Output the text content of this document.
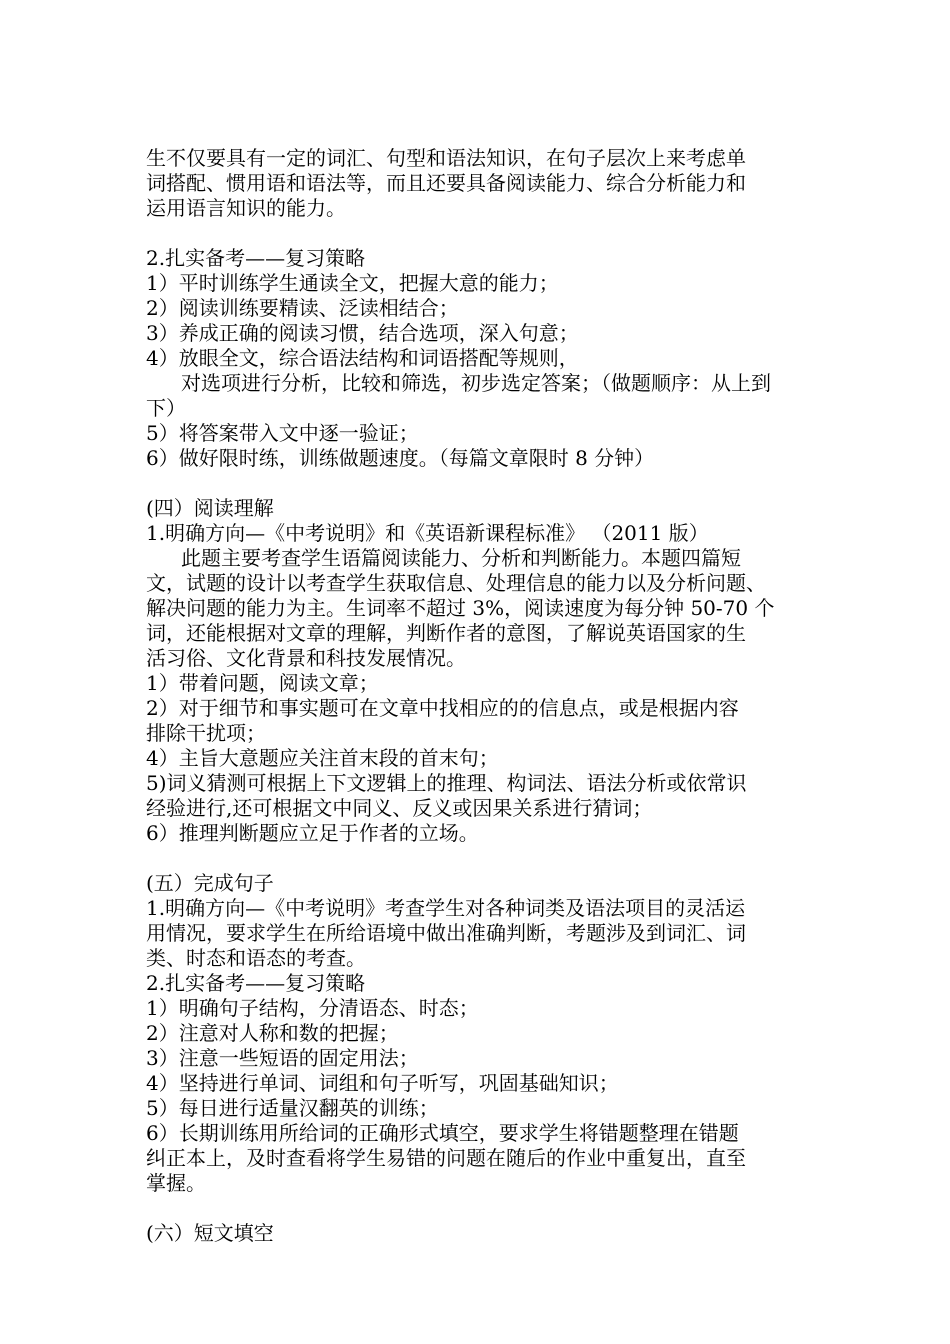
生不仅要具有一定的词汇、句型和语法知识，在句子层次上来考虑单
词搭配、惯用语和语法等，而且还要具备阅读能力、综合分析能力和
运用语言知识的能力。
2.扎实备考——复习策略
1）平时训练学生通读全文，把握大意的能力；
2）阅读训练要精读、泛读相结合；
3）养成正确的阅读习惯，结合选项，深入句意；
4）放眼全文，综合语法结构和词语搭配等规则，
对选项进行分析，比较和筛选，初步选定答案；（做题顺序：从上到
下）
5）将答案带入文中逐一验证；
6）做好限时练，训练做题速度。（每篇文章限时 8 分钟）
(四）阅读理解
1.明确方向—《中考说明》和《英语新课程标准》 （2011 版）
此题主要考查学生语篇阅读能力、分析和判断能力。本题四篇短
文，试题的设计以考查学生获取信息、处理信息的能力以及分析问题、
解决问题的能力为主。生词率不超过 3%，阅读速度为每分钟 50-70 个
词，还能根据对文章的理解，判断作者的意图，了解说英语国家的生
活习俗、文化背景和科技发展情况。
1）带着问题，阅读文章；
2）对于细节和事实题可在文章中找相应的的信息点，或是根据内容
排除干扰项；
4）主旨大意题应关注首末段的首末句；
5)词义猜测可根据上下文逻辑上的推理、构词法、语法分析或依常识
经验进行,还可根据文中同义、反义或因果关系进行猜词；
6）推理判断题应立足于作者的立场。
(五）完成句子
1.明确方向—《中考说明》考查学生对各种词类及语法项目的灵活运
用情况，要求学生在所给语境中做出准确判断，考题涉及到词汇、词
类、时态和语态的考查。
2.扎实备考——复习策略
1）明确句子结构，分清语态、时态；
2）注意对人称和数的把握；
3）注意一些短语的固定用法；
4）坚持进行单词、词组和句子听写，巩固基础知识；
5）每日进行适量汉翻英的训练；
6）长期训练用所给词的正确形式填空，要求学生将错题整理在错题
纠正本上，及时查看将学生易错的问题在随后的作业中重复出，直至
掌握。
(六）短文填空
